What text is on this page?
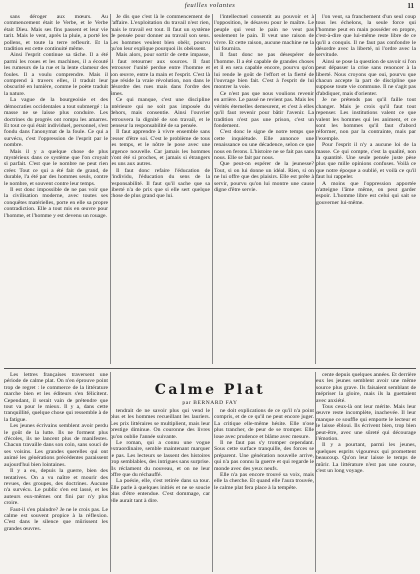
feuilles volantes	11

sans déroger aux mœurs. Au commencement était le Verbe, et le Verbe était Dieu. Mais ses fins passent et leur vie tarit. Mais le vent, après la pluie, a porté les pollens, et toute la terre refleurit. Et la tradition est cette continuité même.

Ainsi l'esprit continue sa tâche. Il a été parmi les roues et les machines, il a écouté les rumeurs de la rue et la lente clameur des foules. Il a voulu comprendre. Mais il comprend à travers elles, il traduit leur obscurité en lumière, comme le poète traduit la nature.

La vague de la bourgeoisie et des démocraties occidentales a tout submergé : la masse ne se laisse plus conduire. Les doctrines du progrès ont rompu les amarres. Et tout ce qui était individuel, personnel, s'est fondu dans l'anonymat de la foule. Ce qui a survécu, c'est l'oppression de l'esprit par le nombre.

Mais il y a quelque chose de plus mystérieux dans ce système que l'on croyait si parfait. C'est que le nombre ne peut rien créer. Tout ce qui a été fait de grand, de durable, l'a été par des hommes seuls, contre le nombre, et souvent contre leur temps.

Il est donc impossible de ne pas voir que la civilisation moderne, avec toutes ses conquêtes matérielles, porte en elle sa propre contradiction. Elle a tout mis en œuvre pour l'homme, et l'homme y est devenu un rouage.

Je dis que c'est là le commencement de l'affaire. L'exploitation du travail n'est rien, mais le travail est tout. Il faut un système de pensée pour donner au travail son sens. Les hommes veulent bien obéir, pourvu qu'on leur explique pourquoi ils obéissent.

Mais alors, pour sortir de cette impasse, il faut retourner aux sources. Il faut retrouver l'unité perdue entre l'homme et son œuvre, entre la main et l'esprit. C'est là que réside la vraie révolution, non dans le désordre des rues mais dans l'ordre des âmes.

Ce qui manque, c'est une discipline intérieure qui ne soit pas imposée du dehors, mais consentie. Ainsi l'ouvrier retrouvera la dignité de son travail, et le penseur la responsabilité de sa pensée.

Il faut apprendre à vivre ensemble sans cesser d'être soi. C'est le problème de tous les temps, et le nôtre le pose avec une urgence nouvelle. Car jamais les hommes n'ont été si proches, et jamais si étrangers les uns aux autres.

Il faut donc refaire l'éducation de l'individu, l'éducation du sens de la responsabilité. Il faut qu'il sache que sa liberté n'a de prix que si elle sert quelque chose de plus grand que lui.

l'intellectuel consentit au pouvoir et à l'opposition, le désaveu pour le maître. Le peuple qui veut le pain ne veut pas seulement le pain. Il veut une raison de vivre. Et cette raison, aucune machine ne la lui fournira.

Il faut donc ne pas désespérer de l'homme. Il a été capable de grandes choses et il en sera capable encore, pourvu qu'on lui rende le goût de l'effort et la fierté de l'ouvrage bien fait. C'est à l'esprit de lui montrer la voie.

Ce n'est pas que nous voulions revenir en arrière. Le passé ne revient pas. Mais les vérités éternelles demeurent, et c'est à elles qu'il faut revenir pour bâtir l'avenir. La tradition n'est pas une prison, c'est un fondement.

C'est donc le signe de notre temps que cette inquiétude. Elle annonce une renaissance ou une décadence, selon ce que nous en ferons. L'histoire ne se fait pas sans nous. Elle se fait par nous.

Que peut-on espérer de la jeunesse? Tout, si on lui donne un idéal. Rien, si on ne lui offre que des plaisirs. Elle est prête à servir, pourvu qu'on lui montre une cause digne d'être servie.

l'on veut, sa franchement d'un seul coup tous les échelons, la seule force qui l'homme peut en main posséder en propre, c'est-à-dire que lui-même reste libre de ce qu'il a conquis. Il ne faut pas confondre le désordre avec la liberté, ni l'ordre avec la servitude.

Ainsi se pose la question de savoir si l'on peut dépasser la crise sans renoncer à la liberté. Nous croyons que oui, pourvu que chacun accepte la part de discipline que suppose toute vie commune. Il ne s'agit pas d'abdiquer, mais d'orienter.

Je ne prétends pas qu'il faille tout changer. Mais je crois qu'il faut tout repenser. Les institutions valent ce que valent les hommes qui les animent, et ce sont les hommes qu'il faut d'abord réformer, non par la contrainte, mais par l'exemple.

Pour l'esprit il n'y a aucune loi de la masse. Ce qui compte, c'est la qualité, non la quantité. Une seule pensée juste pèse plus que mille opinions confuses. Voilà ce que notre époque a oublié, et voilà ce qu'il faut lui rappeler.

A moins que l'oppression apportée n'atteigne l'âme même, on peut garder espoir. L'homme libre est celui qui sait se gouverner lui-même.

Les lettres françaises traversent une période de calme plat. On n'en éprouve point trop de regret : le commerce de la littérature marche bien et les éditeurs s'en félicitent. Cependant, il serait vain de prétendre que tout va pour le mieux. Il y a, dans cette tranquillité, quelque chose qui ressemble à de la fatigue.

Les jeunes écrivains semblent avoir perdu le goût de la lutte. Ils ne forment plus d'écoles, ils ne lancent plus de manifestes. Chacun travaille dans son coin, sans souci de ses voisins. Les grandes querelles qui ont animé les générations précédentes paraissent aujourd'hui bien lointaines.

Il y a eu, depuis la guerre, bien des tentatives. On a vu naître et mourir des revues, des groupes, des doctrines. Aucune n'a survécu. Le public s'en est lassé, et les auteurs eux-mêmes ont fini par n'y plus croire.

Faut-il s'en plaindre? Je ne le crois pas. Le calme est souvent propice à la réflexion. C'est dans le silence que mûrissent les grandes œuvres.

tendrait de ne savoir plus qui vend le plus et les hommes recueillant les lauriers. Les prix littéraires se multiplient, mais leur prestige diminue. On couronne des livres qu'on oublie l'année suivante.

Le roman, qui a connu une vogue extraordinaire, semble maintenant marquer le pas. Les lecteurs se lassent des histoires trop semblables, des intrigues sans surprise. Ils réclament du nouveau, et on ne leur offre que du réchauffé.

La poésie, elle, s'est retirée dans sa tour. Elle parle à quelques initiés et ne se soucie plus d'être entendue. C'est dommage, car elle aurait tant à dire.

ne doit explications de ce qu'il n'a point compris, et de ce qu'il ne peut encore juger. La critique elle-même hésite. Elle n'ose plus trancher, de peur de se tromper. Elle loue avec prudence et blâme avec mesure.

Il ne faut pas s'y tromper cependant. Sous cette surface tranquille, des forces se préparent. Une génération nouvelle arrive, qui n'a pas connu la guerre et qui regarde le monde avec des yeux neufs.

Elle n'a pas encore trouvé sa voix, mais elle la cherche. Et quand elle l'aura trouvée, le calme plat fera place à la tempête.

cente depuis quelques années. Et derrière eux les jeunes semblent avoir une même source plus grave. Ils faisaient semblant de mépriser la gloire, mais ils la guettaient avec anxiété.

Tous ceux-là ont leur mérite. Mais leur œuvre reste incomplète, inachevée. Il leur manque ce souffle qui emporte le lecteur et le laisse ébloui. Ils écrivent bien, trop bien peut-être, avec une sûreté qui décourage l'émotion.

Il y a pourtant, parmi les jeunes, quelques esprits vigoureux qui promettent beaucoup. Qu'on leur laisse le temps de mûrir. La littérature n'est pas une course, c'est un long voyage.

Calme Plat
par BERNARD FAY
